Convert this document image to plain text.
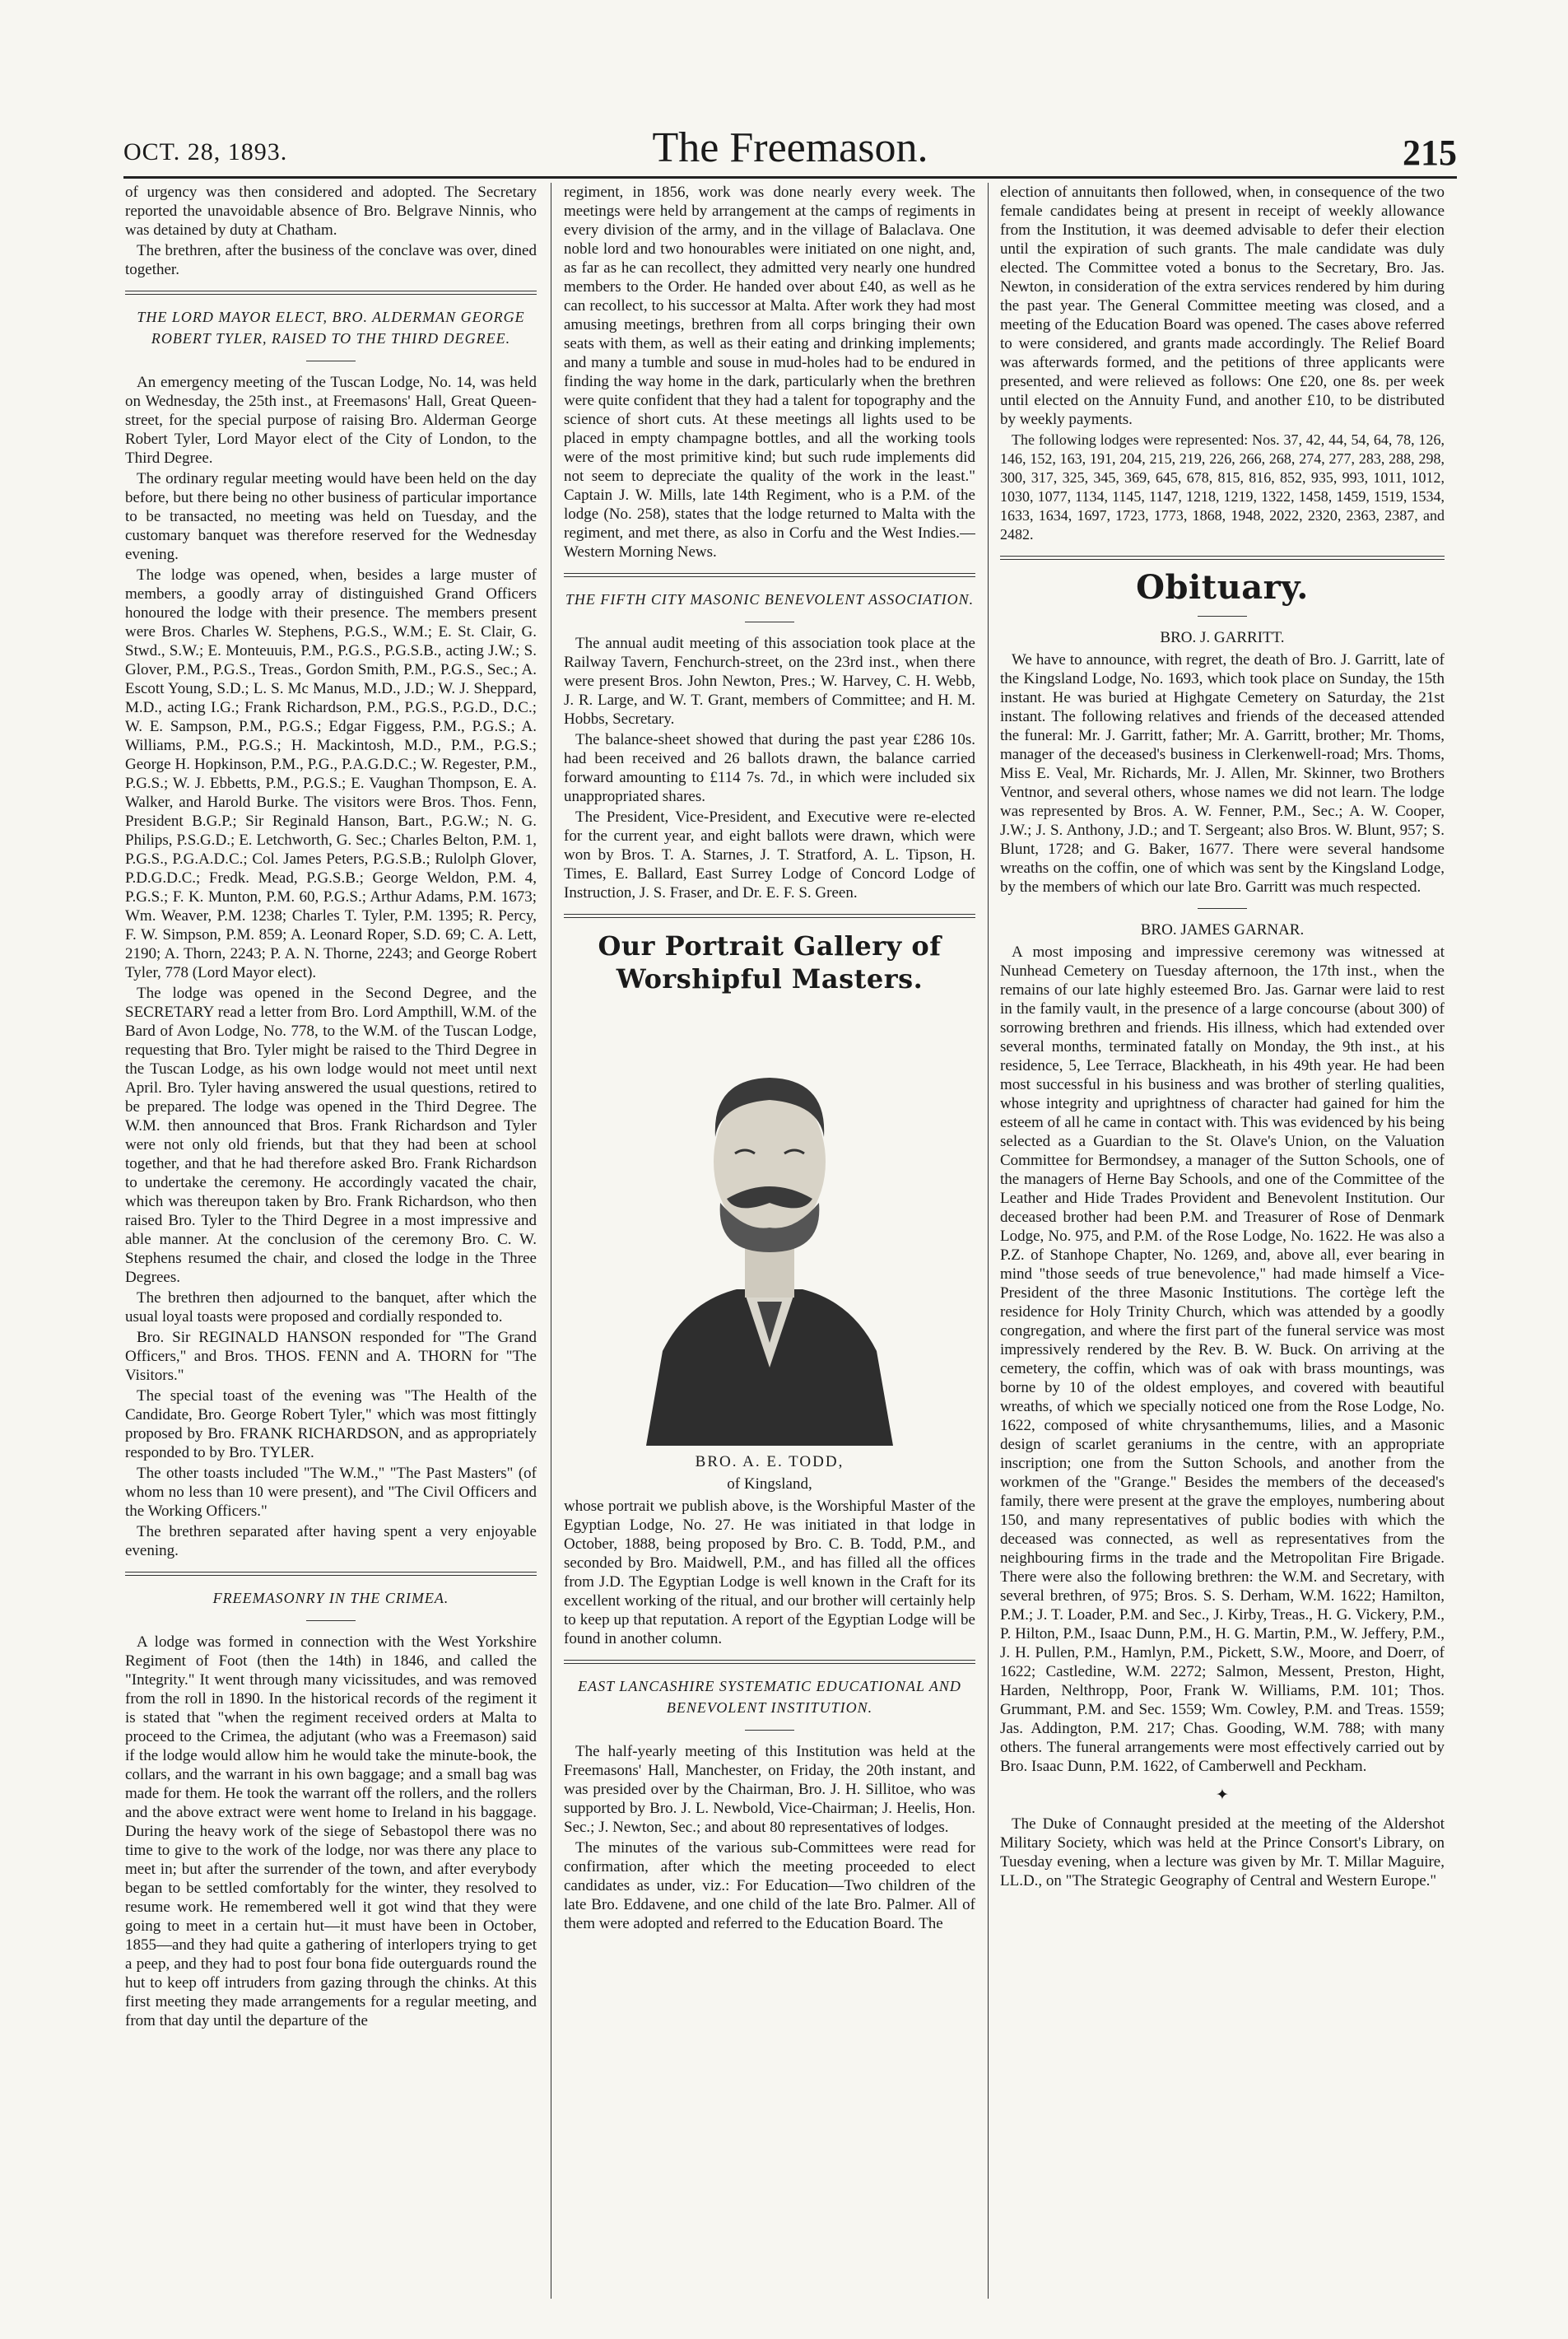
OCT. 28, 1893.	The Freemason.	215

of urgency was then considered and adopted. The Secretary reported the unavoidable absence of Bro. Belgrave Ninnis, who was detained by duty at Chatham.

The brethren, after the business of the conclave was over, dined together.

THE LORD MAYOR ELECT, BRO. ALDERMAN GEORGE ROBERT TYLER, RAISED TO THE THIRD DEGREE.

An emergency meeting of the Tuscan Lodge, No. 14, was held on Wednesday, the 25th inst., at Freemasons' Hall, Great Queen-street, for the special purpose of raising Bro. Alderman George Robert Tyler, Lord Mayor elect of the City of London, to the Third Degree.

The ordinary regular meeting would have been held on the day before, but there being no other business of particular importance to be transacted, no meeting was held on Tuesday, and the customary banquet was therefore reserved for the Wednesday evening.

The lodge was opened, when, besides a large muster of members, a goodly array of distinguished Grand Officers honoured the lodge with their presence. The members present were Bros. Charles W. Stephens, P.G.S., W.M.; E. St. Clair, G. Stwd., S.W.; E. Monteuuis, P.M., P.G.S., P.G.S.B., acting J.W.; S. Glover, P.M., P.G.S., Treas., Gordon Smith, P.M., P.G.S., Sec.; A. Escott Young, S.D.; L. S. Mc Manus, M.D., J.D.; W. J. Sheppard, M.D., acting I.G.; Frank Richardson, P.M., P.G.S., P.G.D., D.C.; W. E. Sampson, P.M., P.G.S.; Edgar Figgess, P.M., P.G.S.; A. Williams, P.M., P.G.S.; H. Mackintosh, M.D., P.M., P.G.S.; George H. Hopkinson, P.M., P.G., P.A.G.D.C.; W. Regester, P.M., P.G.S.; W. J. Ebbetts, P.M., P.G.S.; E. Vaughan Thompson, E. A. Walker, and Harold Burke. The visitors were Bros. Thos. Fenn, President B.G.P.; Sir Reginald Hanson, Bart., P.G.W.; N. G. Philips, P.S.G.D.; E. Letchworth, G. Sec.; Charles Belton, P.M. 1, P.G.S., P.G.A.D.C.; Col. James Peters, P.G.S.B.; Rulolph Glover, P.D.G.D.C.; Fredk. Mead, P.G.S.B.; George Weldon, P.M. 4, P.G.S.; F. K. Munton, P.M. 60, P.G.S.; Arthur Adams, P.M. 1673; Wm. Weaver, P.M. 1238; Charles T. Tyler, P.M. 1395; R. Percy, F. W. Simpson, P.M. 859; A. Leonard Roper, S.D. 69; C. A. Lett, 2190; A. Thorn, 2243; P. A. N. Thorne, 2243; and George Robert Tyler, 778 (Lord Mayor elect).

The lodge was opened in the Second Degree, and the SECRETARY read a letter from Bro. Lord Ampthill, W.M. of the Bard of Avon Lodge, No. 778, to the W.M. of the Tuscan Lodge, requesting that Bro. Tyler might be raised to the Third Degree in the Tuscan Lodge, as his own lodge would not meet until next April. Bro. Tyler having answered the usual questions, retired to be prepared. The lodge was opened in the Third Degree. The W.M. then announced that Bros. Frank Richardson and Tyler were not only old friends, but that they had been at school together, and that he had therefore asked Bro. Frank Richardson to undertake the ceremony. He accordingly vacated the chair, which was thereupon taken by Bro. Frank Richardson, who then raised Bro. Tyler to the Third Degree in a most impressive and able manner. At the conclusion of the ceremony Bro. C. W. Stephens resumed the chair, and closed the lodge in the Three Degrees.

The brethren then adjourned to the banquet, after which the usual loyal toasts were proposed and cordially responded to.

Bro. Sir REGINALD HANSON responded for "The Grand Officers," and Bros. THOS. FENN and A. THORN for "The Visitors."

The special toast of the evening was "The Health of the Candidate, Bro. George Robert Tyler," which was most fittingly proposed by Bro. FRANK RICHARDSON, and as appropriately responded to by Bro. TYLER.

The other toasts included "The W.M.," "The Past Masters" (of whom no less than 10 were present), and "The Civil Officers and the Working Officers."

The brethren separated after having spent a very enjoyable evening.

FREEMASONRY IN THE CRIMEA.

A lodge was formed in connection with the West Yorkshire Regiment of Foot (then the 14th) in 1846, and called the "Integrity." It went through many vicissitudes, and was removed from the roll in 1890. In the historical records of the regiment it is stated that "when the regiment received orders at Malta to proceed to the Crimea, the adjutant (who was a Freemason) said if the lodge would allow him he would take the minute-book, the collars, and the warrant in his own baggage; and a small bag was made for them. He took the warrant off the rollers, and the rollers and the above extract were went home to Ireland in his baggage. During the heavy work of the siege of Sebastopol there was no time to give to the work of the lodge, nor was there any place to meet in; but after the surrender of the town, and after everybody began to be settled comfortably for the winter, they resolved to resume work. He remembered well it got wind that they were going to meet in a certain hut—it must have been in October, 1855—and they had quite a gathering of interlopers trying to get a peep, and they had to post four bona fide outerguards round the hut to keep off intruders from gazing through the chinks. At this first meeting they made arrangements for a regular meeting, and from that day until the departure of the

regiment, in 1856, work was done nearly every week. The meetings were held by arrangement at the camps of regiments in every division of the army, and in the village of Balaclava. One noble lord and two honourables were initiated on one night, and, as far as he can recollect, they admitted very nearly one hundred members to the Order. He handed over about £40, as well as he can recollect, to his successor at Malta. After work they had most amusing meetings, brethren from all corps bringing their own seats with them, as well as their eating and drinking implements; and many a tumble and souse in mud-holes had to be endured in finding the way home in the dark, particularly when the brethren were quite confident that they had a talent for topography and the science of short cuts. At these meetings all lights used to be placed in empty champagne bottles, and all the working tools were of the most primitive kind; but such rude implements did not seem to depreciate the quality of the work in the least." Captain J. W. Mills, late 14th Regiment, who is a P.M. of the lodge (No. 258), states that the lodge returned to Malta with the regiment, and met there, as also in Corfu and the West Indies.—Western Morning News.

THE FIFTH CITY MASONIC BENEVOLENT ASSOCIATION.

The annual audit meeting of this association took place at the Railway Tavern, Fenchurch-street, on the 23rd inst., when there were present Bros. John Newton, Pres.; W. Harvey, C. H. Webb, J. R. Large, and W. T. Grant, members of Committee; and H. M. Hobbs, Secretary.

The balance-sheet showed that during the past year £286 10s. had been received and 26 ballots drawn, the balance carried forward amounting to £114 7s. 7d., in which were included six unappropriated shares.

The President, Vice-President, and Executive were re-elected for the current year, and eight ballots were drawn, which were won by Bros. T. A. Starnes, J. T. Stratford, A. L. Tipson, H. Times, E. Ballard, East Surrey Lodge of Concord Lodge of Instruction, J. S. Fraser, and Dr. E. F. S. Green.

Our Portrait Gallery of Worshipful Masters.
BRO. A. E. TODD,
of Kingsland,

whose portrait we publish above, is the Worshipful Master of the Egyptian Lodge, No. 27. He was initiated in that lodge in October, 1888, being proposed by Bro. C. B. Todd, P.M., and seconded by Bro. Maidwell, P.M., and has filled all the offices from J.D. The Egyptian Lodge is well known in the Craft for its excellent working of the ritual, and our brother will certainly help to keep up that reputation. A report of the Egyptian Lodge will be found in another column.

EAST LANCASHIRE SYSTEMATIC EDUCATIONAL AND BENEVOLENT INSTITUTION.

The half-yearly meeting of this Institution was held at the Freemasons' Hall, Manchester, on Friday, the 20th instant, and was presided over by the Chairman, Bro. J. H. Sillitoe, who was supported by Bro. J. L. Newbold, Vice-Chairman; J. Heelis, Hon. Sec.; J. Newton, Sec.; and about 80 representatives of lodges.

The minutes of the various sub-Committees were read for confirmation, after which the meeting proceeded to elect candidates as under, viz.: For Education—Two children of the late Bro. Eddavene, and one child of the late Bro. Palmer. All of them were adopted and referred to the Education Board. The

election of annuitants then followed, when, in consequence of the two female candidates being at present in receipt of weekly allowance from the Institution, it was deemed advisable to defer their election until the expiration of such grants. The male candidate was duly elected. The Committee voted a bonus to the Secretary, Bro. Jas. Newton, in consideration of the extra services rendered by him during the past year. The General Committee meeting was closed, and a meeting of the Education Board was opened. The cases above referred to were considered, and grants made accordingly. The Relief Board was afterwards formed, and the petitions of three applicants were presented, and were relieved as follows: One £20, one 8s. per week until elected on the Annuity Fund, and another £10, to be distributed by weekly payments.

The following lodges were represented: Nos. 37, 42, 44, 54, 64, 78, 126, 146, 152, 163, 191, 204, 215, 219, 226, 266, 268, 274, 277, 283, 288, 298, 300, 317, 325, 345, 369, 645, 678, 815, 816, 852, 935, 993, 1011, 1012, 1030, 1077, 1134, 1145, 1147, 1218, 1219, 1322, 1458, 1459, 1519, 1534, 1633, 1634, 1697, 1723, 1773, 1868, 1948, 2022, 2320, 2363, 2387, and 2482.

Obituary.
BRO. J. GARRITT.

We have to announce, with regret, the death of Bro. J. Garritt, late of the Kingsland Lodge, No. 1693, which took place on Sunday, the 15th instant. He was buried at Highgate Cemetery on Saturday, the 21st instant. The following relatives and friends of the deceased attended the funeral: Mr. J. Garritt, father; Mr. A. Garritt, brother; Mr. Thoms, manager of the deceased's business in Clerkenwell-road; Mrs. Thoms, Miss E. Veal, Mr. Richards, Mr. J. Allen, Mr. Skinner, two Brothers Ventnor, and several others, whose names we did not learn. The lodge was represented by Bros. A. W. Fenner, P.M., Sec.; A. W. Cooper, J.W.; J. S. Anthony, J.D.; and T. Sergeant; also Bros. W. Blunt, 957; S. Blunt, 1728; and G. Baker, 1677. There were several handsome wreaths on the coffin, one of which was sent by the Kingsland Lodge, by the members of which our late Bro. Garritt was much respected.

BRO. JAMES GARNAR.

A most imposing and impressive ceremony was witnessed at Nunhead Cemetery on Tuesday afternoon, the 17th inst., when the remains of our late highly esteemed Bro. Jas. Garnar were laid to rest in the family vault, in the presence of a large concourse (about 300) of sorrowing brethren and friends. His illness, which had extended over several months, terminated fatally on Monday, the 9th inst., at his residence, 5, Lee Terrace, Blackheath, in his 49th year. He had been most successful in his business and was brother of sterling qualities, whose integrity and uprightness of character had gained for him the esteem of all he came in contact with. This was evidenced by his being selected as a Guardian to the St. Olave's Union, on the Valuation Committee for Bermondsey, a manager of the Sutton Schools, one of the managers of Herne Bay Schools, and one of the Committee of the Leather and Hide Trades Provident and Benevolent Institution. Our deceased brother had been P.M. and Treasurer of Rose of Denmark Lodge, No. 975, and P.M. of the Rose Lodge, No. 1622. He was also a P.Z. of Stanhope Chapter, No. 1269, and, above all, ever bearing in mind "those seeds of true benevolence," had made himself a Vice-President of the three Masonic Institutions. The cortège left the residence for Holy Trinity Church, which was attended by a goodly congregation, and where the first part of the funeral service was most impressively rendered by the Rev. B. W. Buck. On arriving at the cemetery, the coffin, which was of oak with brass mountings, was borne by 10 of the oldest employes, and covered with beautiful wreaths, of which we specially noticed one from the Rose Lodge, No. 1622, composed of white chrysanthemums, lilies, and a Masonic design of scarlet geraniums in the centre, with an appropriate inscription; one from the Sutton Schools, and another from the workmen of the "Grange." Besides the members of the deceased's family, there were present at the grave the employes, numbering about 150, and many representatives of public bodies with which the deceased was connected, as well as representatives from the neighbouring firms in the trade and the Metropolitan Fire Brigade. There were also the following brethren: the W.M. and Secretary, with several brethren, of 975; Bros. S. S. Derham, W.M. 1622; Hamilton, P.M.; J. T. Loader, P.M. and Sec., J. Kirby, Treas., H. G. Vickery, P.M., P. Hilton, P.M., Isaac Dunn, P.M., H. G. Martin, P.M., W. Jeffery, P.M., J. H. Pullen, P.M., Hamlyn, P.M., Pickett, S.W., Moore, and Doerr, of 1622; Castledine, W.M. 2272; Salmon, Messent, Preston, Hight, Harden, Nelthropp, Poor, Frank W. Williams, P.M. 101; Thos. Grummant, P.M. and Sec. 1559; Wm. Cowley, P.M. and Treas. 1559; Jas. Addington, P.M. 217; Chas. Gooding, W.M. 788; with many others. The funeral arrangements were most effectively carried out by Bro. Isaac Dunn, P.M. 1622, of Camberwell and Peckham.

✦

The Duke of Connaught presided at the meeting of the Aldershot Military Society, which was held at the Prince Consort's Library, on Tuesday evening, when a lecture was given by Mr. T. Millar Maguire, LL.D., on "The Strategic Geography of Central and Western Europe."
